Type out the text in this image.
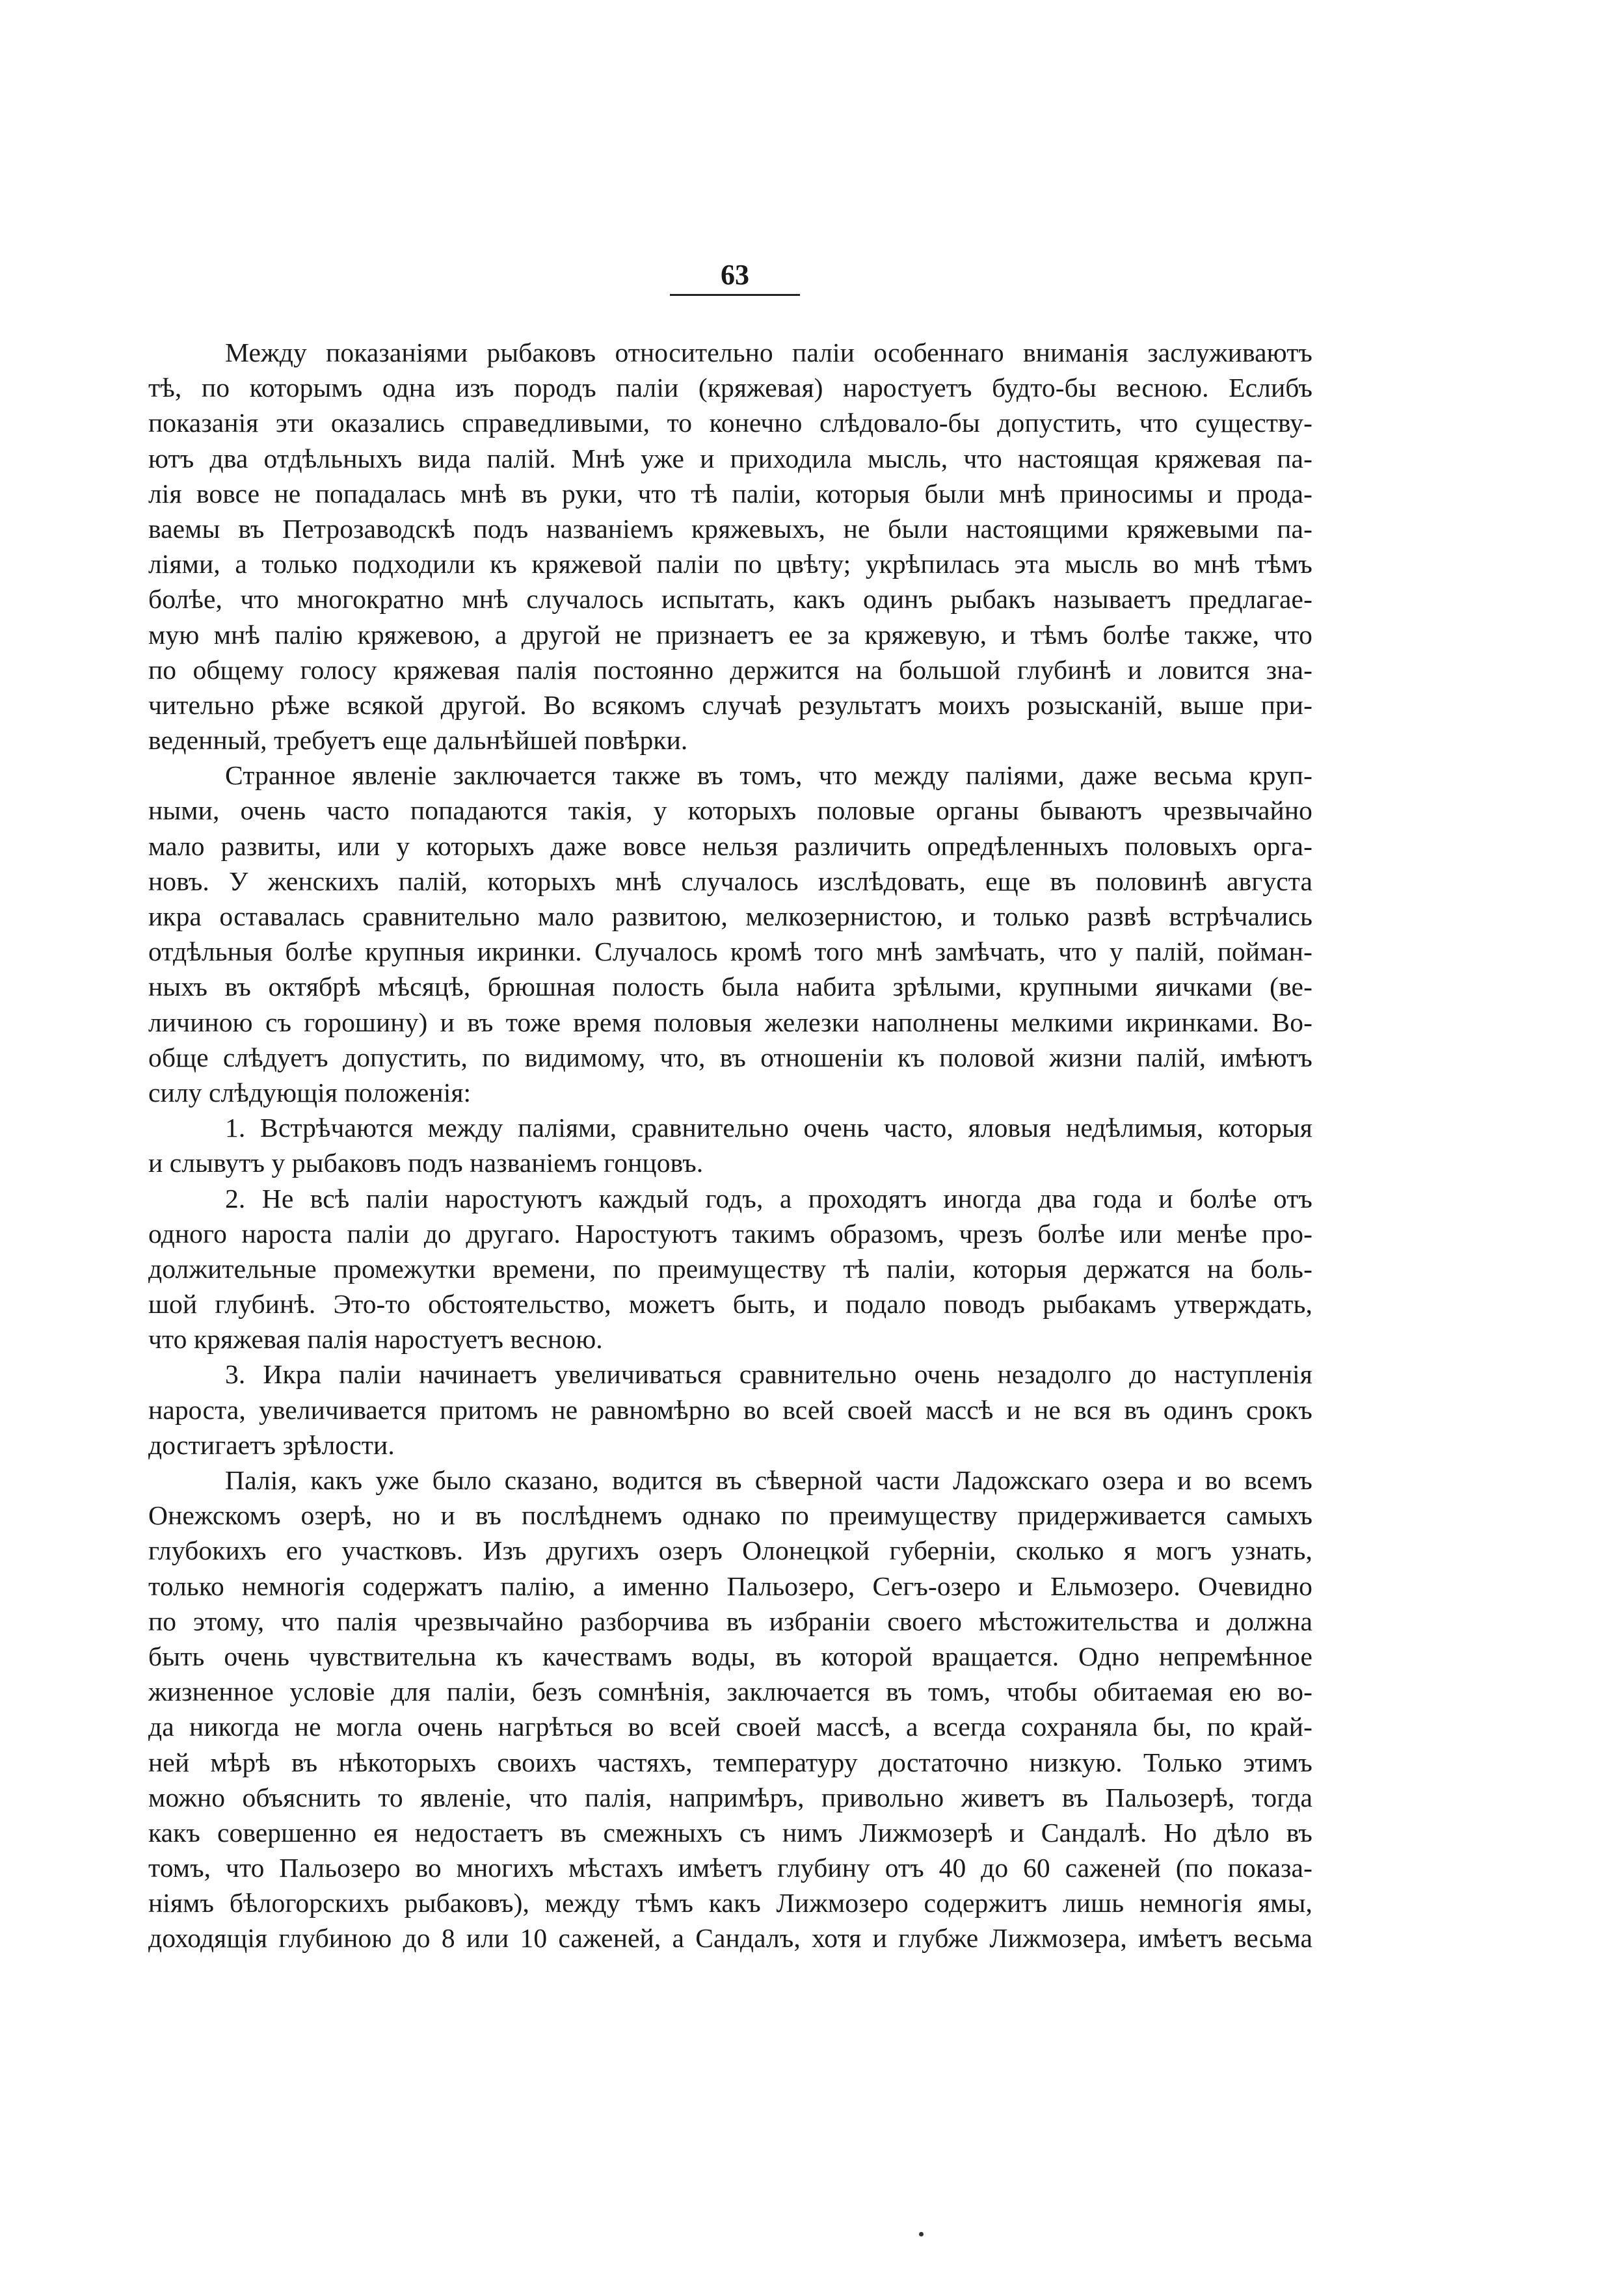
63
Между показаніями рыбаковъ относительно паліи особеннаго вниманія заслуживаютъ
тѣ, по которымъ одна изъ породъ паліи (кряжевая) наростуетъ будто-бы весною. Еслибъ
показанія эти оказались справедливыми, то конечно слѣдовало-бы допустить, что существу-
ютъ два отдѣльныхъ вида палій. Мнѣ уже и приходила мысль, что настоящая кряжевая па-
лія вовсе не попадалась мнѣ въ руки, что тѣ паліи, которыя были мнѣ приносимы и прода-
ваемы въ Петрозаводскѣ подъ названіемъ кряжевыхъ, не были настоящими кряжевыми па-
ліями, а только подходили къ кряжевой паліи по цвѣту; укрѣпилась эта мысль во мнѣ тѣмъ
болѣе, что многократно мнѣ случалось испытать, какъ одинъ рыбакъ называетъ предлагае-
мую мнѣ палію кряжевою, а другой не признаетъ ее за кряжевую, и тѣмъ болѣе также, что
по общему голосу кряжевая палія постоянно держится на большой глубинѣ и ловится зна-
чительно рѣже всякой другой. Во всякомъ случаѣ результатъ моихъ розысканій, выше при-
веденный, требуетъ еще дальнѣйшей повѣрки.
Странное явленіе заключается также въ томъ, что между паліями, даже весьма круп-
ными, очень часто попадаются такія, у которыхъ половые органы бываютъ чрезвычайно
мало развиты, или у которыхъ даже вовсе нельзя различить опредѣленныхъ половыхъ орга-
новъ. У женскихъ палій, которыхъ мнѣ случалось изслѣдовать, еще въ половинѣ августа
икра оставалась сравнительно мало развитою, мелкозернистою, и только развѣ встрѣчались
отдѣльныя болѣе крупныя икринки. Случалось кромѣ того мнѣ замѣчать, что у палій, пойман-
ныхъ въ октябрѣ мѣсяцѣ, брюшная полость была набита зрѣлыми, крупными яичками (ве-
личиною съ горошину) и въ тоже время половыя железки наполнены мелкими икринками. Во-
обще слѣдуетъ допустить, по видимому, что, въ отношеніи къ половой жизни палій, имѣютъ
силу слѣдующія положенія:
1. Встрѣчаются между паліями, сравнительно очень часто, яловыя недѣлимыя, которыя
и слывутъ у рыбаковъ подъ названіемъ гонцовъ.
2. Не всѣ паліи наростуютъ каждый годъ, а проходятъ иногда два года и болѣе отъ
одного нароста паліи до другаго. Наростуютъ такимъ образомъ, чрезъ болѣе или менѣе про-
должительные промежутки времени, по преимуществу тѣ паліи, которыя держатся на боль-
шой глубинѣ. Это-то обстоятельство, можетъ быть, и подало поводъ рыбакамъ утверждать,
что кряжевая палія наростуетъ весною.
3. Икра паліи начинаетъ увеличиваться сравнительно очень незадолго до наступленія
нароста, увеличивается притомъ не равномѣрно во всей своей массѣ и не вся въ одинъ срокъ
достигаетъ зрѣлости.
Палія, какъ уже было сказано, водится въ сѣверной части Ладожскаго озера и во всемъ
Онежскомъ озерѣ, но и въ послѣднемъ однако по преимуществу придерживается самыхъ
глубокихъ его участковъ. Изъ другихъ озеръ Олонецкой губерніи, сколько я могъ узнать,
только немногія содержатъ палію, а именно Пальозеро, Сегъ-озеро и Ельмозеро. Очевидно
по этому, что палія чрезвычайно разборчива въ избраніи своего мѣстожительства и должна
быть очень чувствительна къ качествамъ воды, въ которой вращается. Одно непремѣнное
жизненное условіе для паліи, безъ сомнѣнія, заключается въ томъ, чтобы обитаемая ею во-
да никогда не могла очень нагрѣться во всей своей массѣ, а всегда сохраняла бы, по край-
ней мѣрѣ въ нѣкоторыхъ своихъ частяхъ, температуру достаточно низкую. Только этимъ
можно объяснить то явленіе, что палія, напримѣръ, привольно живетъ въ Пальозерѣ, тогда
какъ совершенно ея недостаетъ въ смежныхъ съ нимъ Лижмозерѣ и Сандалѣ. Но дѣло въ
томъ, что Пальозеро во многихъ мѣстахъ имѣетъ глубину отъ 40 до 60 саженей (по показа-
ніямъ бѣлогорскихъ рыбаковъ), между тѣмъ какъ Лижмозеро содержитъ лишь немногія ямы,
доходящія глубиною до 8 или 10 саженей, а Сандалъ, хотя и глубже Лижмозера, имѣетъ весьма
